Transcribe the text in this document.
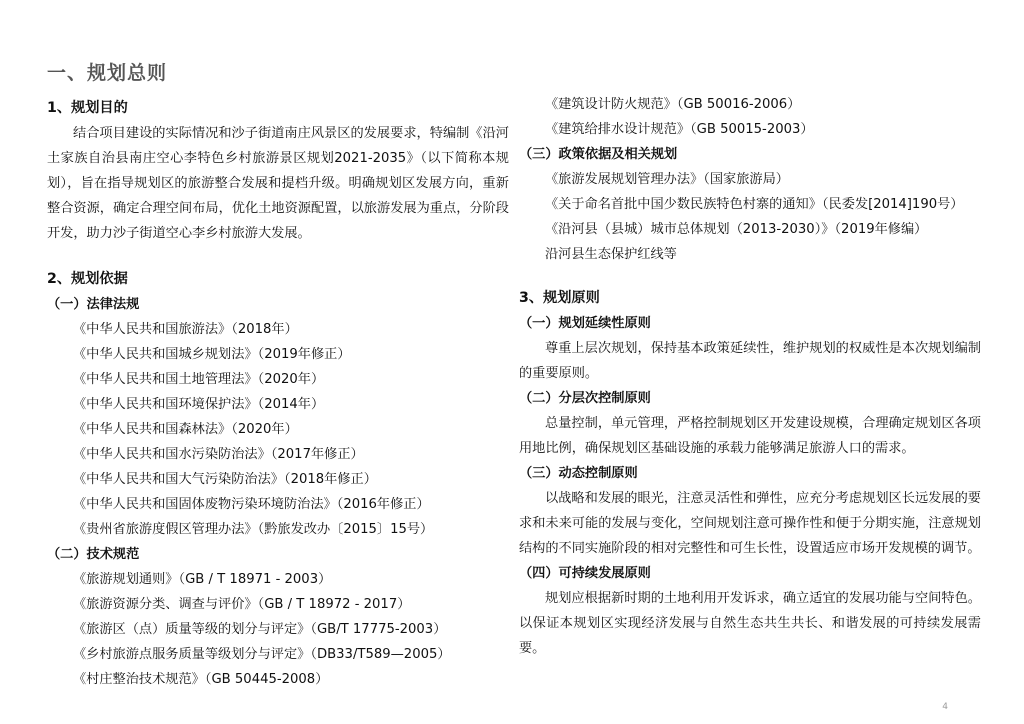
一、规划总则
1、规划目的
结合项目建设的实际情况和沙子街道南庄风景区的发展要求，特编制《沿河土家族自治县南庄空心李特色乡村旅游景区规划2021-2035》（以下简称本规划），旨在指导规划区的旅游整合发展和提档升级。明确规划区发展方向，重新整合资源，确定合理空间布局，优化土地资源配置，以旅游发展为重点，分阶段开发，助力沙子街道空心李乡村旅游大发展。
2、规划依据
（一）法律法规
《中华人民共和国旅游法》（2018年）
《中华人民共和国城乡规划法》（2019年修正）
《中华人民共和国土地管理法》（2020年）
《中华人民共和国环境保护法》（2014年）
《中华人民共和国森林法》（2020年）
《中华人民共和国水污染防治法》（2017年修正）
《中华人民共和国大气污染防治法》（2018年修正）
《中华人民共和国固体废物污染环境防治法》（2016年修正）
《贵州省旅游度假区管理办法》（黔旅发改办〔2015〕15号）
（二）技术规范
《旅游规划通则》（GB / T 18971 - 2003）
《旅游资源分类、调查与评价》（GB / T 18972 - 2017）
《旅游区（点）质量等级的划分与评定》（GB/T 17775-2003）
《乡村旅游点服务质量等级划分与评定》（DB33/T589—2005）
《村庄整治技术规范》（GB 50445-2008）
《建筑设计防火规范》（GB 50016-2006）
《建筑给排水设计规范》（GB 50015-2003）
（三）政策依据及相关规划
《旅游发展规划管理办法》（国家旅游局）
《关于命名首批中国少数民族特色村寨的通知》（民委发[2014]190号）
《沿河县（县城）城市总体规划（2013-2030）》（2019年修编）
沿河县生态保护红线等
3、规划原则
（一）规划延续性原则
尊重上层次规划，保持基本政策延续性，维护规划的权威性是本次规划编制的重要原则。
（二）分层次控制原则
总量控制，单元管理，严格控制规划区开发建设规模，合理确定规划区各项用地比例，确保规划区基础设施的承载力能够满足旅游人口的需求。
（三）动态控制原则
以战略和发展的眼光，注意灵活性和弹性，应充分考虑规划区长远发展的要求和未来可能的发展与变化，空间规划注意可操作性和便于分期实施，注意规划结构的不同实施阶段的相对完整性和可生长性，设置适应市场开发规模的调节。
（四）可持续发展原则
规划应根据新时期的土地利用开发诉求，确立适宜的发展功能与空间特色。以保证本规划区实现经济发展与自然生态共生共长、和谐发展的可持续发展需要。
4
